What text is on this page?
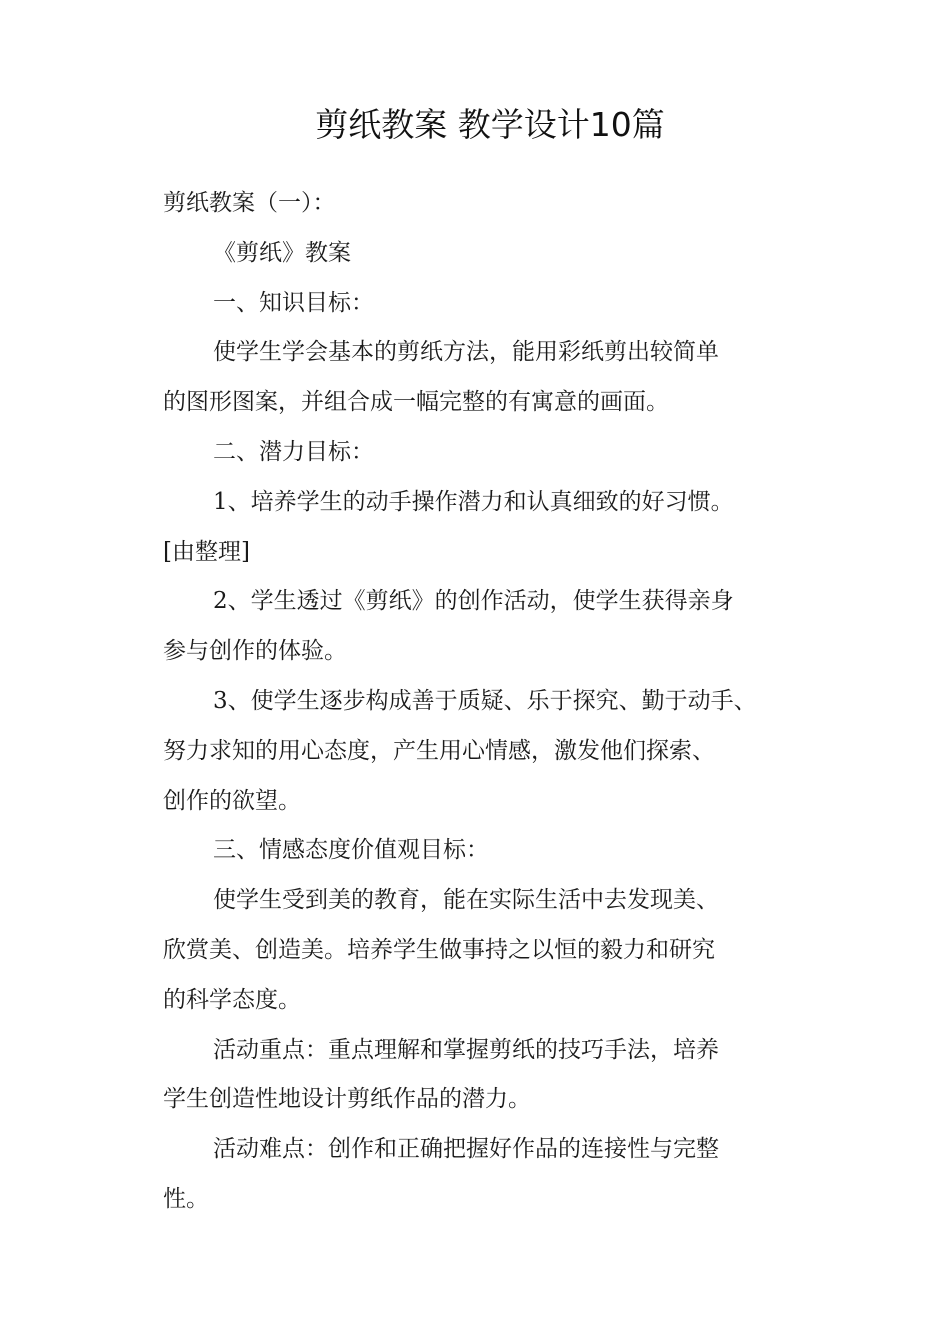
剪纸教案 教学设计10篇
剪纸教案（一）：
《剪纸》教案
一、知识目标：
使学生学会基本的剪纸方法，能用彩纸剪出较简单
的图形图案，并组合成一幅完整的有寓意的画面。
二、潜力目标：
1、培养学生的动手操作潜力和认真细致的好习惯。
[由整理]
2、学生透过《剪纸》的创作活动，使学生获得亲身
参与创作的体验。
3、使学生逐步构成善于质疑、乐于探究、勤于动手、
努力求知的用心态度，产生用心情感，激发他们探索、
创作的欲望。
三、情感态度价值观目标：
使学生受到美的教育，能在实际生活中去发现美、
欣赏美、创造美。培养学生做事持之以恒的毅力和研究
的科学态度。
活动重点：重点理解和掌握剪纸的技巧手法，培养
学生创造性地设计剪纸作品的潜力。
活动难点：创作和正确把握好作品的连接性与完整
性。
